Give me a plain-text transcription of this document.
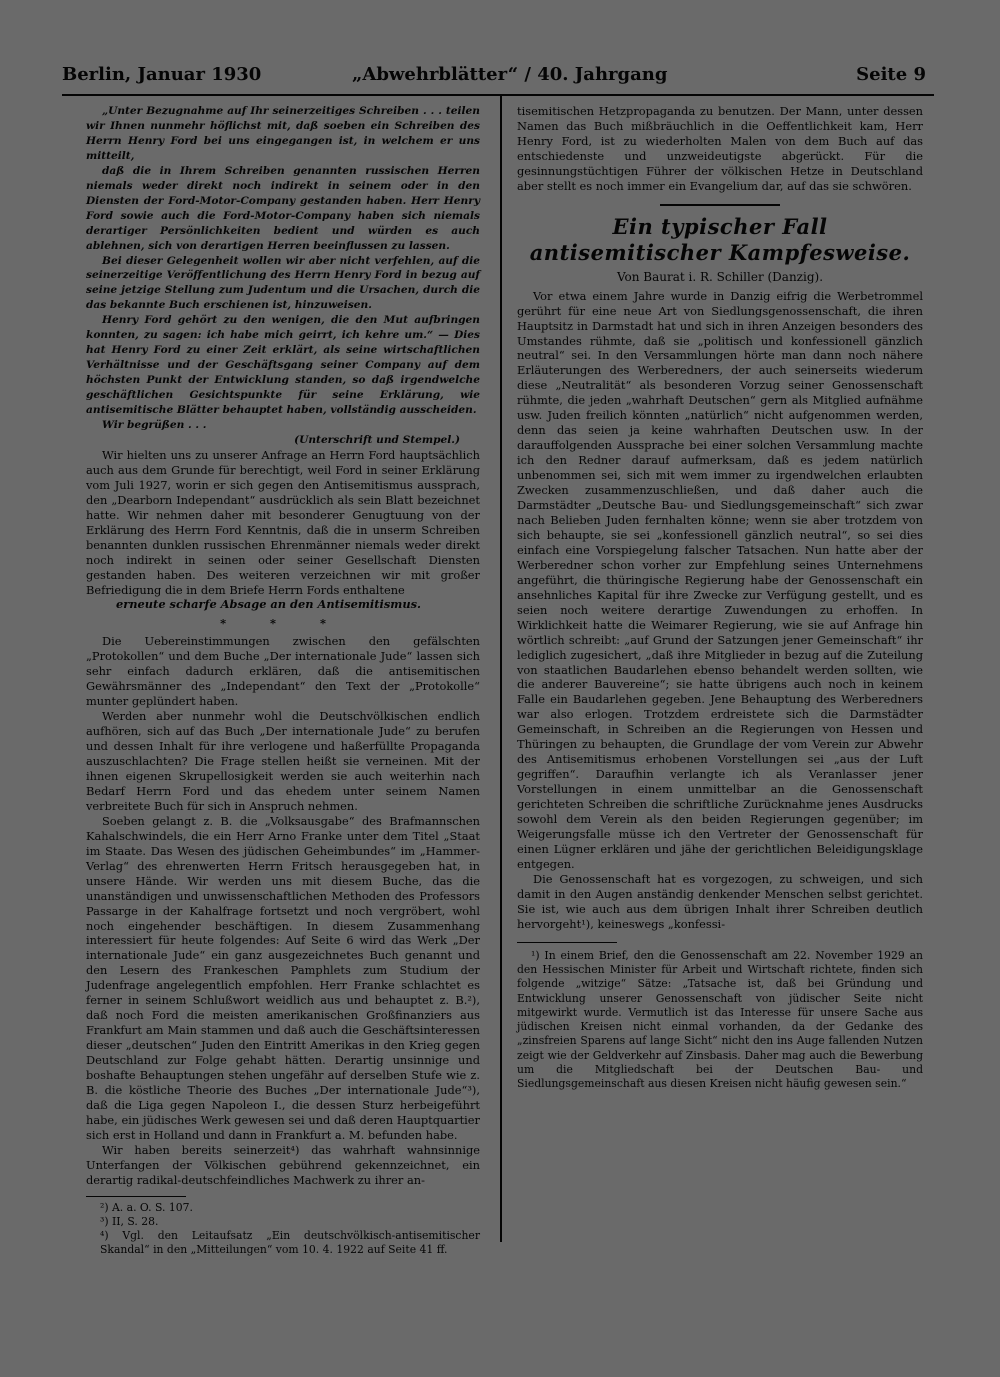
Berlin, Januar 1930	„Abwehrblätter“ / 40. Jahrgang	Seite 9

„Unter Bezugnahme auf Ihr seinerzeitiges Schreiben . . . teilen wir Ihnen nunmehr höflichst mit, daß soeben ein Schreiben des Herrn Henry Ford bei uns eingegangen ist, in welchem er uns mitteilt,

daß die in Ihrem Schreiben genannten russischen Herren niemals weder direkt noch indirekt in seinem oder in den Diensten der Ford-Motor-Company gestanden haben. Herr Henry Ford sowie auch die Ford-Motor-Company haben sich niemals derartiger Persönlichkeiten bedient und würden es auch ablehnen, sich von derartigen Herren beeinflussen zu lassen.

Bei dieser Gelegenheit wollen wir aber nicht verfehlen, auf die seinerzeitige Veröffentlichung des Herrn Henry Ford in bezug auf seine jetzige Stellung zum Judentum und die Ursachen, durch die das bekannte Buch erschienen ist, hinzuweisen.

Henry Ford gehört zu den wenigen, die den Mut aufbringen konnten, zu sagen: ich habe mich geirrt, ich kehre um.“ — Dies hat Henry Ford zu einer Zeit erklärt, als seine wirtschaftlichen Verhältnisse und der Geschäftsgang seiner Company auf dem höchsten Punkt der Entwicklung standen, so daß irgendwelche geschäftlichen Gesichtspunkte für seine Erklärung, wie antisemitische Blätter behauptet haben, vollständig ausscheiden.

Wir begrüßen . . .

(Unterschrift und Stempel.)

Wir hielten uns zu unserer Anfrage an Herrn Ford hauptsächlich auch aus dem Grunde für berechtigt, weil Ford in seiner Erklärung vom Juli 1927, worin er sich gegen den Antisemitismus aussprach, den „Dearborn Independant“ ausdrücklich als sein Blatt bezeichnet hatte. Wir nehmen daher mit besonderer Genugtuung von der Erklärung des Herrn Ford Kenntnis, daß die in unserm Schreiben benannten dunklen russischen Ehrenmänner niemals weder direkt noch indirekt in seinen oder seiner Gesellschaft Diensten gestanden haben. Des weiteren verzeichnen wir mit großer Befriedigung die in dem Briefe Herrn Fords enthaltene

erneute scharfe Absage an den Antisemitismus.

* * *

Die Uebereinstimmungen zwischen den gefälschten „Protokollen“ und dem Buche „Der internationale Jude“ lassen sich sehr einfach dadurch erklären, daß die antisemitischen Gewährsmänner des „Independant“ den Text der „Protokolle“ munter geplündert haben.

Werden aber nunmehr wohl die Deutschvölkischen endlich aufhören, sich auf das Buch „Der internationale Jude“ zu berufen und dessen Inhalt für ihre verlogene und haßerfüllte Propaganda auszuschlachten? Die Frage stellen heißt sie verneinen. Mit der ihnen eigenen Skrupellosigkeit werden sie auch weiterhin nach Bedarf Herrn Ford und das ehedem unter seinem Namen verbreitete Buch für sich in Anspruch nehmen.

Soeben gelangt z. B. die „Volksausgabe“ des Brafmannschen Kahalschwindels, die ein Herr Arno Franke unter dem Titel „Staat im Staate. Das Wesen des jüdischen Geheimbundes“ im „Hammer-Verlag“ des ehrenwerten Herrn Fritsch herausgegeben hat, in unsere Hände. Wir werden uns mit diesem Buche, das die unanständigen und unwissenschaftlichen Methoden des Professors Passarge in der Kahalfrage fortsetzt und noch vergröbert, wohl noch eingehender beschäftigen. In diesem Zusammenhang interessiert für heute folgendes: Auf Seite 6 wird das Werk „Der internationale Jude“ ein ganz ausgezeichnetes Buch genannt und den Lesern des Frankeschen Pamphlets zum Studium der Judenfrage angelegentlich empfohlen. Herr Franke schlachtet es ferner in seinem Schlußwort weidlich aus und behauptet z. B.²), daß noch Ford die meisten amerikanischen Großfinanziers aus Frankfurt am Main stammen und daß auch die Geschäftsinteressen dieser „deutschen“ Juden den Eintritt Amerikas in den Krieg gegen Deutschland zur Folge gehabt hätten. Derartig unsinnige und boshafte Behauptungen stehen ungefähr auf derselben Stufe wie z. B. die köstliche Theorie des Buches „Der internationale Jude“³), daß die Liga gegen Napoleon I., die dessen Sturz herbeigeführt habe, ein jüdisches Werk gewesen sei und daß deren Hauptquartier sich erst in Holland und dann in Frankfurt a. M. befunden habe.

Wir haben bereits seinerzeit⁴) das wahrhaft wahnsinnige Unterfangen der Völkischen gebührend gekennzeichnet, ein derartig radikal-deutschfeindliches Machwerk zu ihrer an-

²) A. a. O. S. 107.

³) II, S. 28.

⁴) Vgl. den Leitaufsatz „Ein deutschvölkisch-antisemitischer Skandal“ in den „Mitteilungen“ vom 10. 4. 1922 auf Seite 41 ff.

tisemitischen Hetzpropaganda zu benutzen. Der Mann, unter dessen Namen das Buch mißbräuchlich in die Oeffentlichkeit kam, Herr Henry Ford, ist zu wiederholten Malen von dem Buch auf das entschiedenste und unzweideutigste abgerückt. Für die gesinnungstüchtigen Führer der völkischen Hetze in Deutschland aber stellt es noch immer ein Evangelium dar, auf das sie schwören.

Ein typischer Fall
antisemitischer Kampfesweise.
Von Baurat i. R. Schiller (Danzig).

Vor etwa einem Jahre wurde in Danzig eifrig die Werbetrommel gerührt für eine neue Art von Siedlungsgenossenschaft, die ihren Hauptsitz in Darmstadt hat und sich in ihren Anzeigen besonders des Umstandes rühmte, daß sie „politisch und konfessionell gänzlich neutral“ sei. In den Versammlungen hörte man dann noch nähere Erläuterungen des Werberedners, der auch seinerseits wiederum diese „Neutralität“ als besonderen Vorzug seiner Genossenschaft rühmte, die jeden „wahrhaft Deutschen“ gern als Mitglied aufnähme usw. Juden freilich könnten „natürlich“ nicht aufgenommen werden, denn das seien ja keine wahrhaften Deutschen usw. In der darauffolgenden Aussprache bei einer solchen Versammlung machte ich den Redner darauf aufmerksam, daß es jedem natürlich unbenommen sei, sich mit wem immer zu irgendwelchen erlaubten Zwecken zusammenzuschließen, und daß daher auch die Darmstädter „Deutsche Bau- und Siedlungsgemeinschaft“ sich zwar nach Belieben Juden fernhalten könne; wenn sie aber trotzdem von sich behaupte, sie sei „konfessionell gänzlich neutral“, so sei dies einfach eine Vorspiegelung falscher Tatsachen. Nun hatte aber der Werberedner schon vorher zur Empfehlung seines Unternehmens angeführt, die thüringische Regierung habe der Genossenschaft ein ansehnliches Kapital für ihre Zwecke zur Verfügung gestellt, und es seien noch weitere derartige Zuwendungen zu erhoffen. In Wirklichkeit hatte die Weimarer Regierung, wie sie auf Anfrage hin wörtlich schreibt: „auf Grund der Satzungen jener Gemeinschaft“ ihr lediglich zugesichert, „daß ihre Mitglieder in bezug auf die Zuteilung von staatlichen Baudarlehen ebenso behandelt werden sollten, wie die anderer Bauvereine“; sie hatte übrigens auch noch in keinem Falle ein Baudarlehen gegeben. Jene Behauptung des Werberedners war also erlogen. Trotzdem erdreistete sich die Darmstädter Gemeinschaft, in Schreiben an die Regierungen von Hessen und Thüringen zu behaupten, die Grundlage der vom Verein zur Abwehr des Antisemitismus erhobenen Vorstellungen sei „aus der Luft gegriffen“. Daraufhin verlangte ich als Veranlasser jener Vorstellungen in einem unmittelbar an die Genossenschaft gerichteten Schreiben die schriftliche Zurücknahme jenes Ausdrucks sowohl dem Verein als den beiden Regierungen gegenüber; im Weigerungsfalle müsse ich den Vertreter der Genossenschaft für einen Lügner erklären und jähe der gerichtlichen Beleidigungsklage entgegen.

Die Genossenschaft hat es vorgezogen, zu schweigen, und sich damit in den Augen anständig denkender Menschen selbst gerichtet. Sie ist, wie auch aus dem übrigen Inhalt ihrer Schreiben deutlich hervorgeht¹), keineswegs „konfessi-

¹) In einem Brief, den die Genossenschaft am 22. November 1929 an den Hessischen Minister für Arbeit und Wirtschaft richtete, finden sich folgende „witzige“ Sätze: „Tatsache ist, daß bei Gründung und Entwicklung unserer Genossenschaft von jüdischer Seite nicht mitgewirkt wurde. Vermutlich ist das Interesse für unsere Sache aus jüdischen Kreisen nicht einmal vorhanden, da der Gedanke des „zinsfreien Sparens auf lange Sicht“ nicht den ins Auge fallenden Nutzen zeigt wie der Geldverkehr auf Zinsbasis. Daher mag auch die Bewerbung um die Mitgliedschaft bei der Deutschen Bau- und Siedlungsgemeinschaft aus diesen Kreisen nicht häufig gewesen sein.“
